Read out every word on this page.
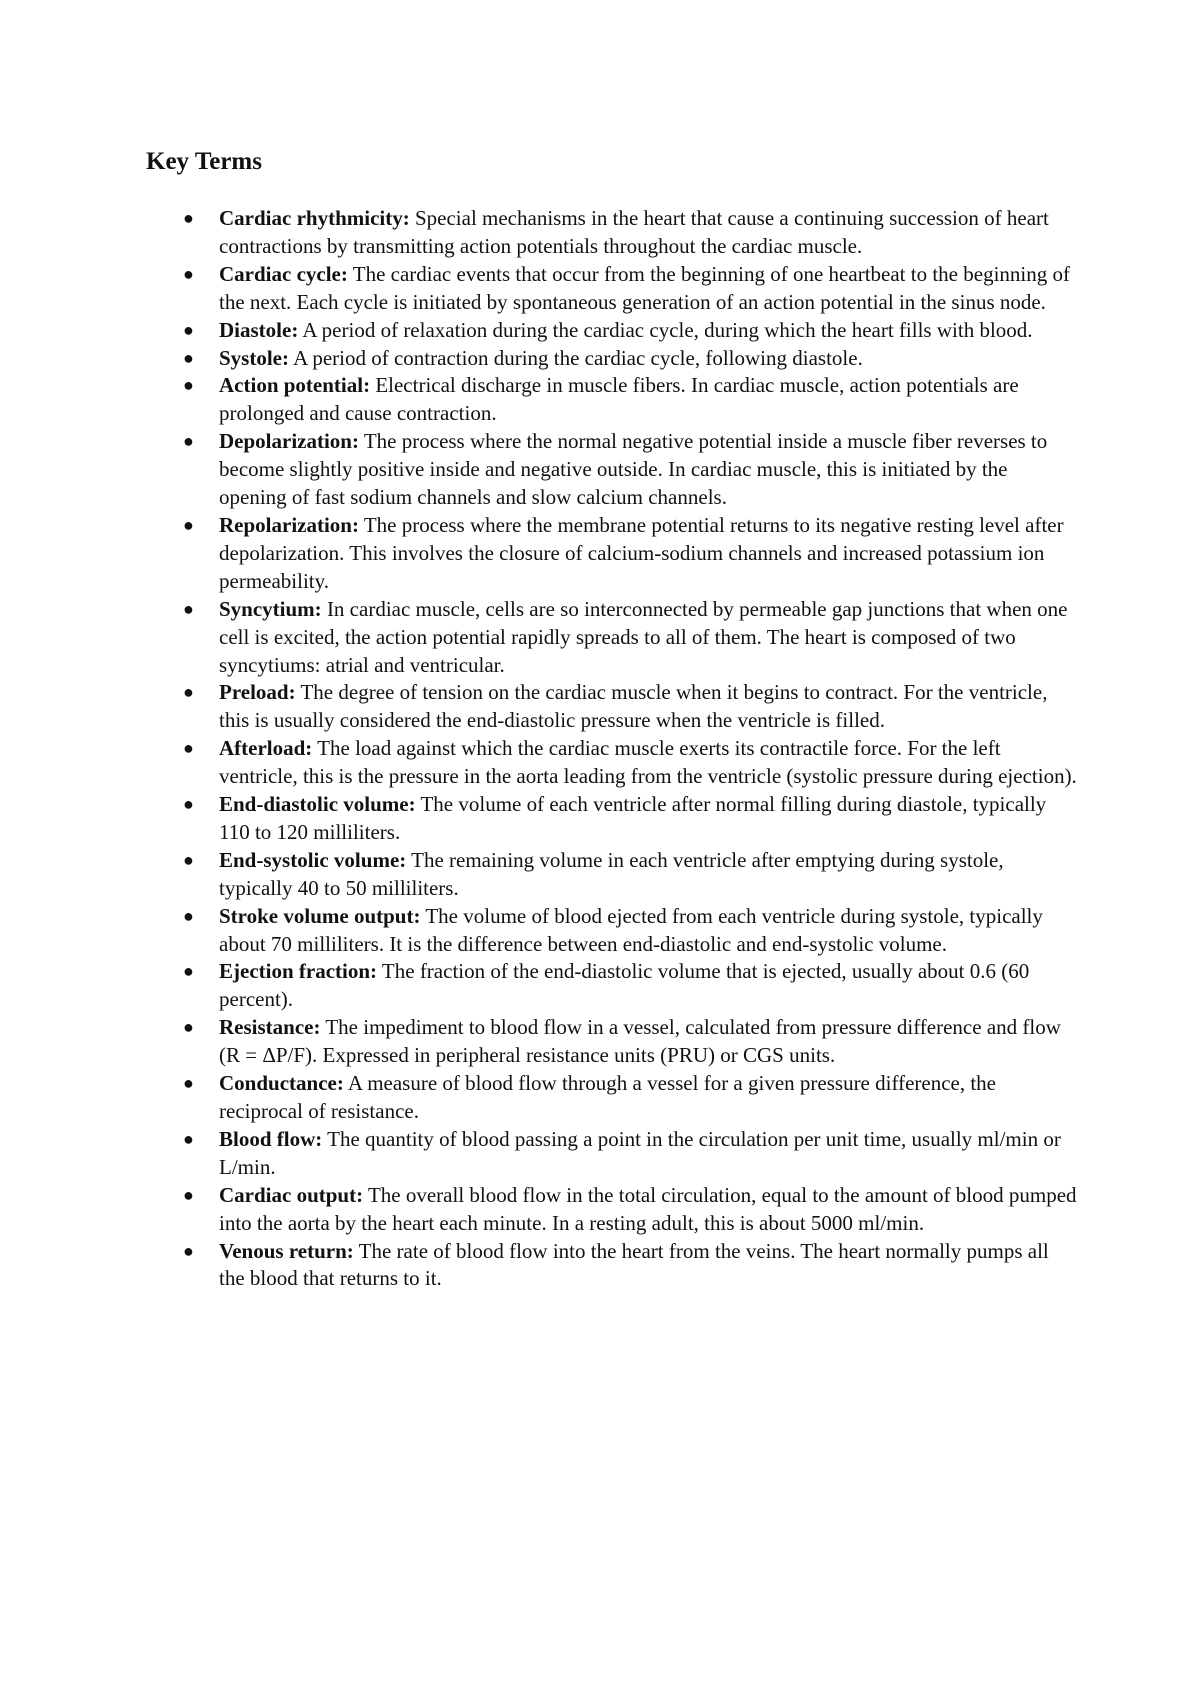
Key Terms
● Cardiac rhythmicity: Special mechanisms in the heart that cause a continuing succession of heart contractions by transmitting action potentials throughout the cardiac muscle.
● Cardiac cycle: The cardiac events that occur from the beginning of one heartbeat to the beginning of the next. Each cycle is initiated by spontaneous generation of an action potential in the sinus node.
● Diastole: A period of relaxation during the cardiac cycle, during which the heart fills with blood.
● Systole: A period of contraction during the cardiac cycle, following diastole.
● Action potential: Electrical discharge in muscle fibers. In cardiac muscle, action potentials are prolonged and cause contraction.
● Depolarization: The process where the normal negative potential inside a muscle fiber reverses to become slightly positive inside and negative outside. In cardiac muscle, this is initiated by the opening of fast sodium channels and slow calcium channels.
● Repolarization: The process where the membrane potential returns to its negative resting level after depolarization. This involves the closure of calcium-sodium channels and increased potassium ion permeability.
● Syncytium: In cardiac muscle, cells are so interconnected by permeable gap junctions that when one cell is excited, the action potential rapidly spreads to all of them. The heart is composed of two syncytiums: atrial and ventricular.
● Preload: The degree of tension on the cardiac muscle when it begins to contract. For the ventricle, this is usually considered the end-diastolic pressure when the ventricle is filled.
● Afterload: The load against which the cardiac muscle exerts its contractile force. For the left ventricle, this is the pressure in the aorta leading from the ventricle (systolic pressure during ejection).
● End-diastolic volume: The volume of each ventricle after normal filling during diastole, typically 110 to 120 milliliters.
● End-systolic volume: The remaining volume in each ventricle after emptying during systole, typically 40 to 50 milliliters.
● Stroke volume output: The volume of blood ejected from each ventricle during systole, typically about 70 milliliters. It is the difference between end-diastolic and end-systolic volume.
● Ejection fraction: The fraction of the end-diastolic volume that is ejected, usually about 0.6 (60 percent).
● Resistance: The impediment to blood flow in a vessel, calculated from pressure difference and flow (R = ΔP/F). Expressed in peripheral resistance units (PRU) or CGS units.
● Conductance: A measure of blood flow through a vessel for a given pressure difference, the reciprocal of resistance.
● Blood flow: The quantity of blood passing a point in the circulation per unit time, usually ml/min or L/min.
● Cardiac output: The overall blood flow in the total circulation, equal to the amount of blood pumped into the aorta by the heart each minute. In a resting adult, this is about 5000 ml/min.
● Venous return: The rate of blood flow into the heart from the veins. The heart normally pumps all the blood that returns to it.
